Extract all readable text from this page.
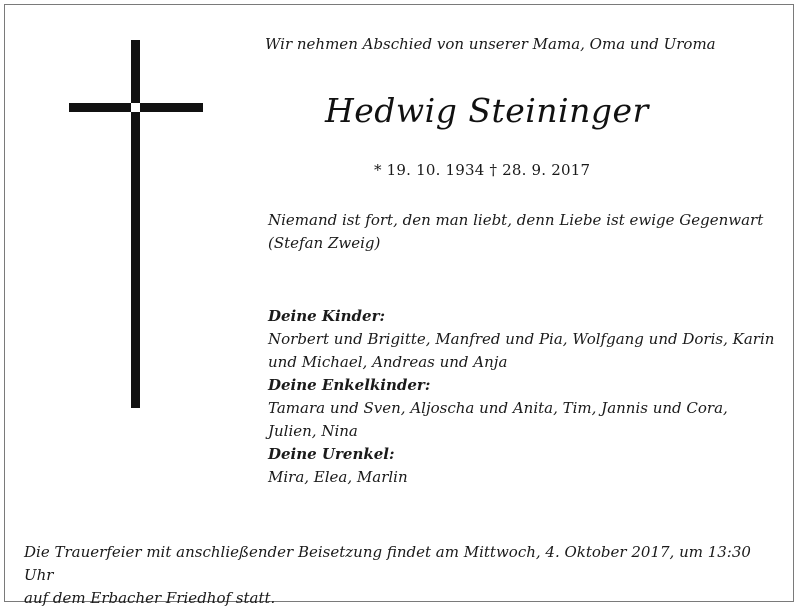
Wir nehmen Abschied von unserer Mama, Oma und Uroma
Hedwig Steininger
* 19. 10. 1934 † 28. 9. 2017
Niemand ist fort, den man liebt, denn Liebe ist ewige Gegenwart
(Stefan Zweig)
Deine Kinder:
Norbert und Brigitte, Manfred und Pia, Wolfgang und Doris, Karin
und Michael, Andreas und Anja
Deine Enkelkinder:
Tamara und Sven, Aljoscha und Anita, Tim, Jannis und Cora,
Julien, Nina
Deine Urenkel:
Mira, Elea, Marlin
Die Trauerfeier mit anschließender Beisetzung findet am Mittwoch, 4. Oktober 2017, um 13:30 Uhr
auf dem Erbacher Friedhof statt.
